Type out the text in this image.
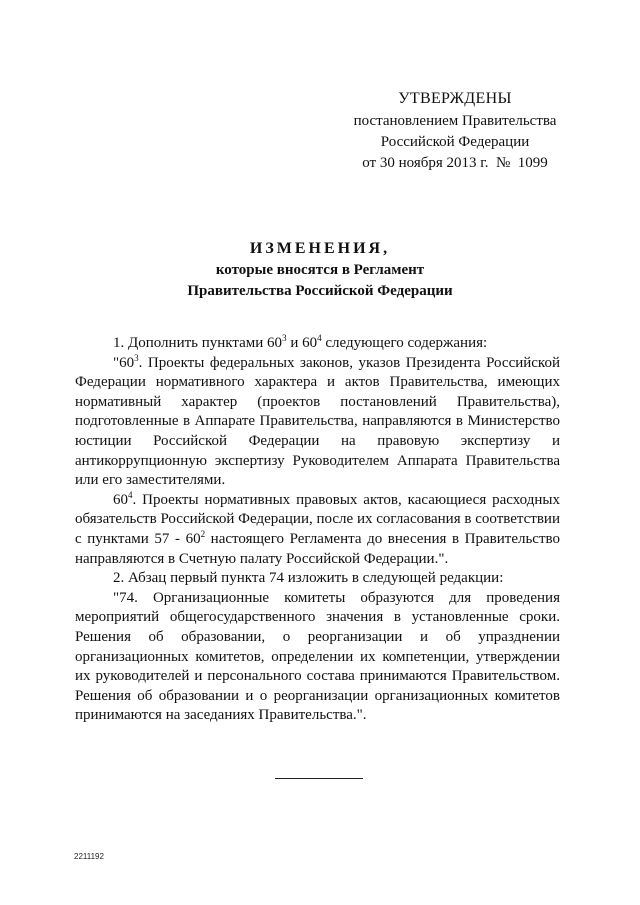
УТВЕРЖДЕНЫ
постановлением Правительства
Российской Федерации
от 30 ноября 2013 г. № 1099
ИЗМЕНЕНИЯ,
которые вносятся в Регламент
Правительства Российской Федерации

1. Дополнить пунктами $60^3$ и $60^4$ следующего содержания:

"$60^3$. Проекты федеральных законов, указов Президента Российской Федерации нормативного характера и актов Правительства, имеющих нормативный характер (проектов постановлений Правительства), подготовленные в Аппарате Правительства, направляются в Министерство юстиции Российской Федерации на правовую экспертизу и антикоррупционную экспертизу Руководителем Аппарата Правительства или его заместителями.

$60^4$. Проекты нормативных правовых актов, касающиеся расходных обязательств Российской Федерации, после их согласования в соответствии с пунктами $57 - 60^2$ настоящего Регламента до внесения в Правительство направляются в Счетную палату Российской Федерации.".

2. Абзац первый пункта 74 изложить в следующей редакции:

"74. Организационные комитеты образуются для проведения мероприятий общегосударственного значения в установленные сроки. Решения об образовании, о реорганизации и об упразднении организационных комитетов, определении их компетенции, утверждении их руководителей и персонального состава принимаются Правительством. Решения об образовании и о реорганизации организационных комитетов принимаются на заседаниях Правительства.".

2211192
